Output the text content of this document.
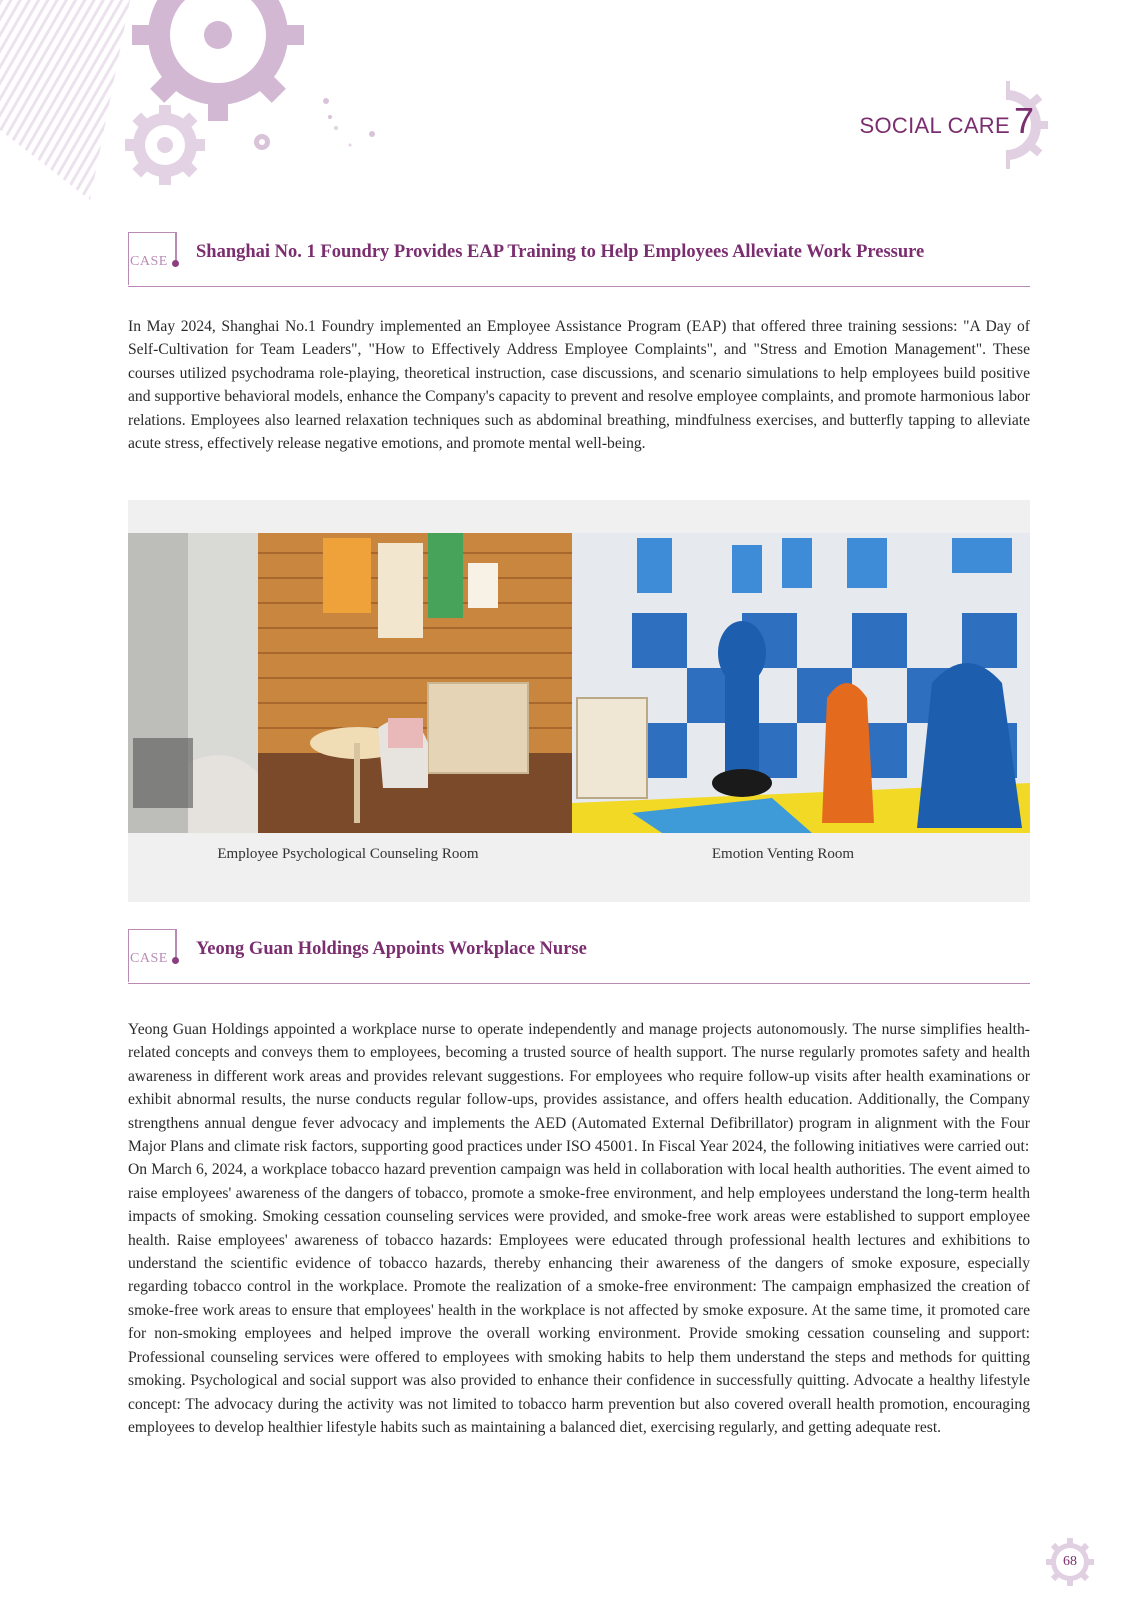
SOCIAL CARE 7
CASE Shanghai No. 1 Foundry Provides EAP Training to Help Employees Alleviate Work Pressure

In May 2024, Shanghai No.1 Foundry implemented an Employee Assistance Program (EAP) that offered three training sessions: "A Day of Self-Cultivation for Team Leaders", "How to Effectively Address Employee Complaints", and "Stress and Emotion Management". These courses utilized psychodrama role-playing, theoretical instruction, case discussions, and scenario simulations to help employees build positive and supportive behavioral models, enhance the Company's capacity to prevent and resolve employee complaints, and promote harmonious labor relations. Employees also learned relaxation techniques such as abdominal breathing, mindfulness exercises, and butterfly tapping to alleviate acute stress, effectively release negative emotions, and promote mental well-being.

Employee Psychological Counseling Room	Emotion Venting Room
CASE Yeong Guan Holdings Appoints Workplace Nurse

Yeong Guan Holdings appointed a workplace nurse to operate independently and manage projects autonomously. The nurse simplifies health-related concepts and conveys them to employees, becoming a trusted source of health support. The nurse regularly promotes safety and health awareness in different work areas and provides relevant suggestions. For employees who require follow-up visits after health examinations or exhibit abnormal results, the nurse conducts regular follow-ups, provides assistance, and offers health education. Additionally, the Company strengthens annual dengue fever advocacy and implements the AED (Automated External Defibrillator) program in alignment with the Four Major Plans and climate risk factors, supporting good practices under ISO 45001. In Fiscal Year 2024, the following initiatives were carried out:

On March 6, 2024, a workplace tobacco hazard prevention campaign was held in collaboration with local health authorities. The event aimed to raise employees' awareness of the dangers of tobacco, promote a smoke-free environment, and help employees understand the long-term health impacts of smoking. Smoking cessation counseling services were provided, and smoke-free work areas were established to support employee health. Raise employees' awareness of tobacco hazards: Employees were educated through professional health lectures and exhibitions to understand the scientific evidence of tobacco hazards, thereby enhancing their awareness of the dangers of smoke exposure, especially regarding tobacco control in the workplace. Promote the realization of a smoke-free environment: The campaign emphasized the creation of smoke-free work areas to ensure that employees' health in the workplace is not affected by smoke exposure. At the same time, it promoted care for non-smoking employees and helped improve the overall working environment. Provide smoking cessation counseling and support: Professional counseling services were offered to employees with smoking habits to help them understand the steps and methods for quitting smoking. Psychological and social support was also provided to enhance their confidence in successfully quitting. Advocate a healthy lifestyle concept: The advocacy during the activity was not limited to tobacco harm prevention but also covered overall health promotion, encouraging employees to develop healthier lifestyle habits such as maintaining a balanced diet, exercising regularly, and getting adequate rest.

68
